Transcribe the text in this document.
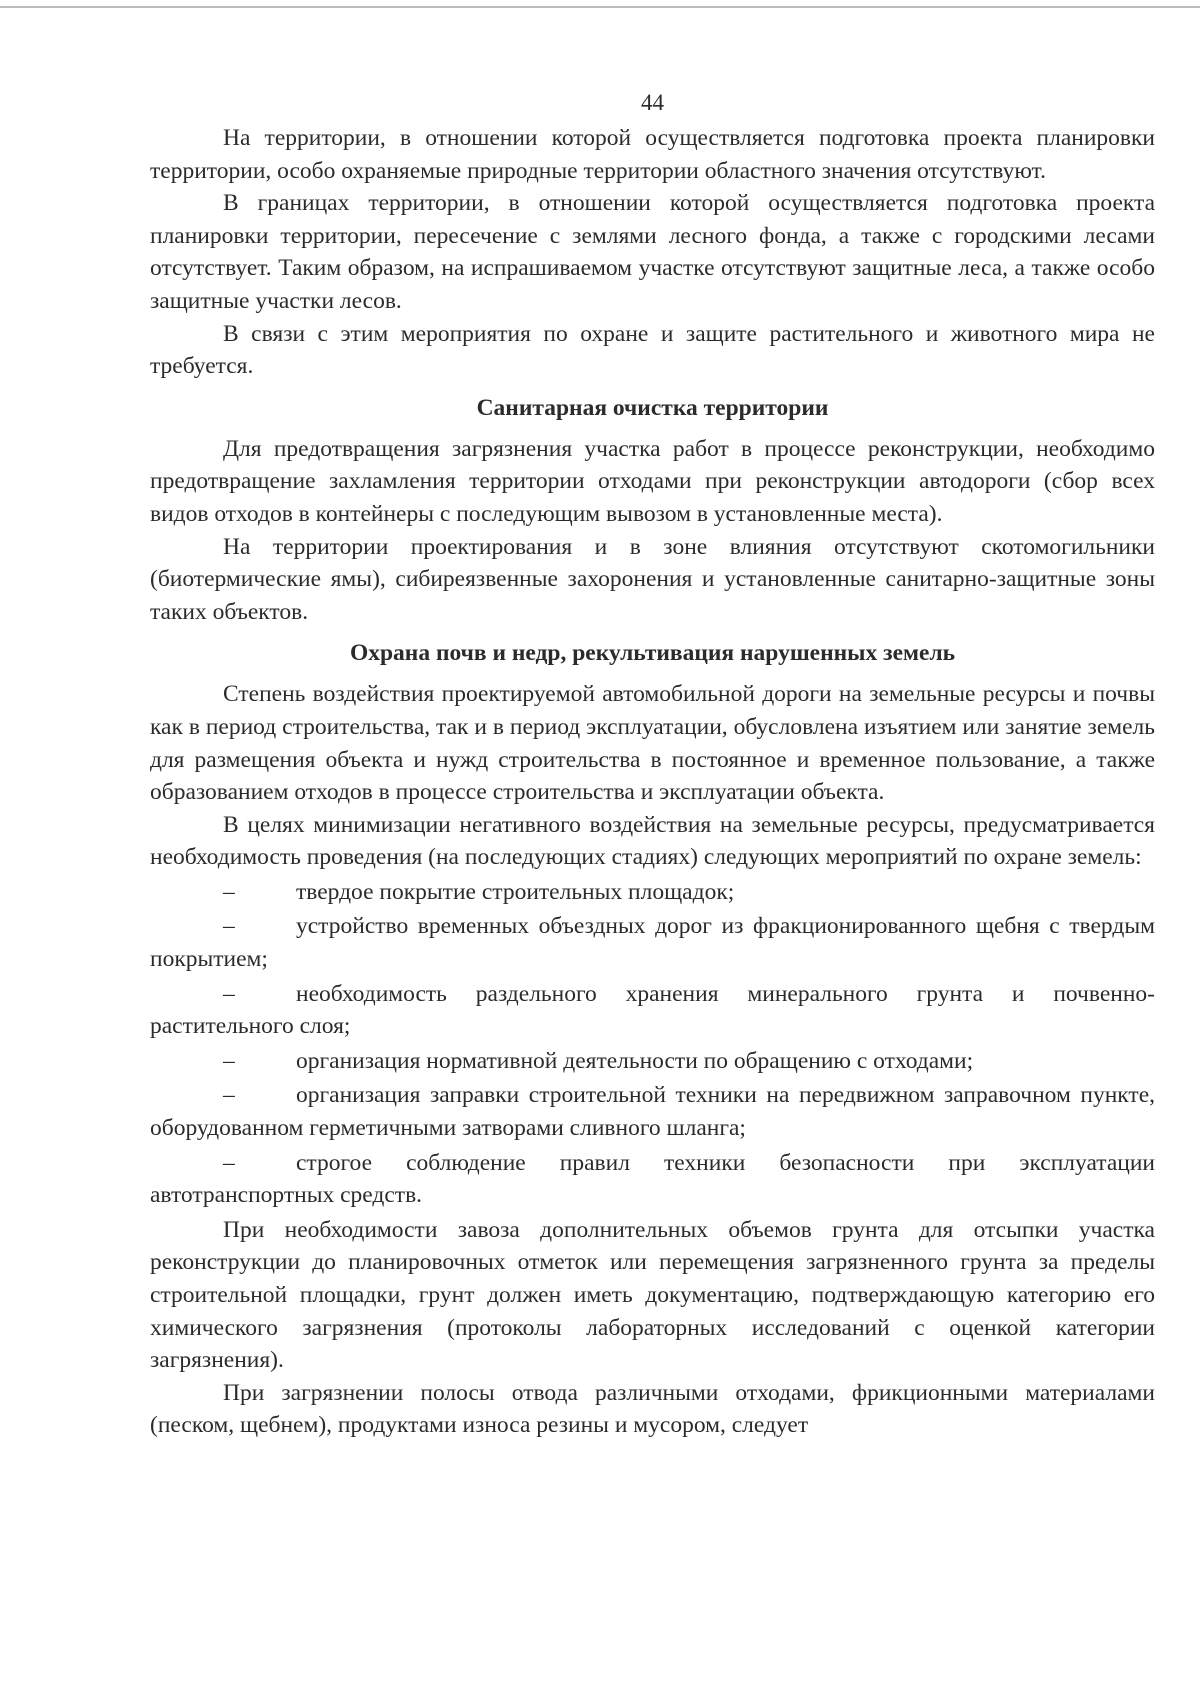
44

На территории, в отношении которой осуществляется подготовка проекта планировки территории, особо охраняемые природные территории областного значения отсутствуют.

В границах территории, в отношении которой осуществляется подготовка проекта планировки территории, пересечение с землями лесного фонда, а также с городскими лесами отсутствует. Таким образом, на испрашиваемом участке отсутствуют защитные леса, а также особо защитные участки лесов.

В связи с этим мероприятия по охране и защите растительного и животного мира не требуется.

Санитарная очистка территории

Для предотвращения загрязнения участка работ в процессе реконструкции, необходимо предотвращение захламления территории отходами при реконструкции автодороги (сбор всех видов отходов в контейнеры с последующим вывозом в установленные места).

На территории проектирования и в зоне влияния отсутствуют скотомогильники (биотермические ямы), сибиреязвенные захоронения и установленные санитарно-защитные зоны таких объектов.

Охрана почв и недр, рекультивация нарушенных земель

Степень воздействия проектируемой автомобильной дороги на земельные ресурсы и почвы как в период строительства, так и в период эксплуатации, обусловлена изъятием или занятие земель для размещения объекта и нужд строительства в постоянное и временное пользование, а также образованием отходов в процессе строительства и эксплуатации объекта.

В целях минимизации негативного воздействия на земельные ресурсы, предусматривается необходимость проведения (на последующих стадиях) следующих мероприятий по охране земель:

–	твердое покрытие строительных площадок;

–	устройство временных объездных дорог из фракционированного щебня с твердым покрытием;

–	необходимость раздельного хранения минерального грунта и почвенно-растительного слоя;

–	организация нормативной деятельности по обращению с отходами;

–	организация заправки строительной техники на передвижном заправочном пункте, оборудованном герметичными затворами сливного шланга;

–	строгое соблюдение правил техники безопасности при эксплуатации автотранспортных средств.

При необходимости завоза дополнительных объемов грунта для отсыпки участка реконструкции до планировочных отметок или перемещения загрязненного грунта за пределы строительной площадки, грунт должен иметь документацию, подтверждающую категорию его химического загрязнения (протоколы лабораторных исследований с оценкой категории загрязнения).

При загрязнении полосы отвода различными отходами, фрикционными материалами (песком, щебнем), продуктами износа резины и мусором, следует
